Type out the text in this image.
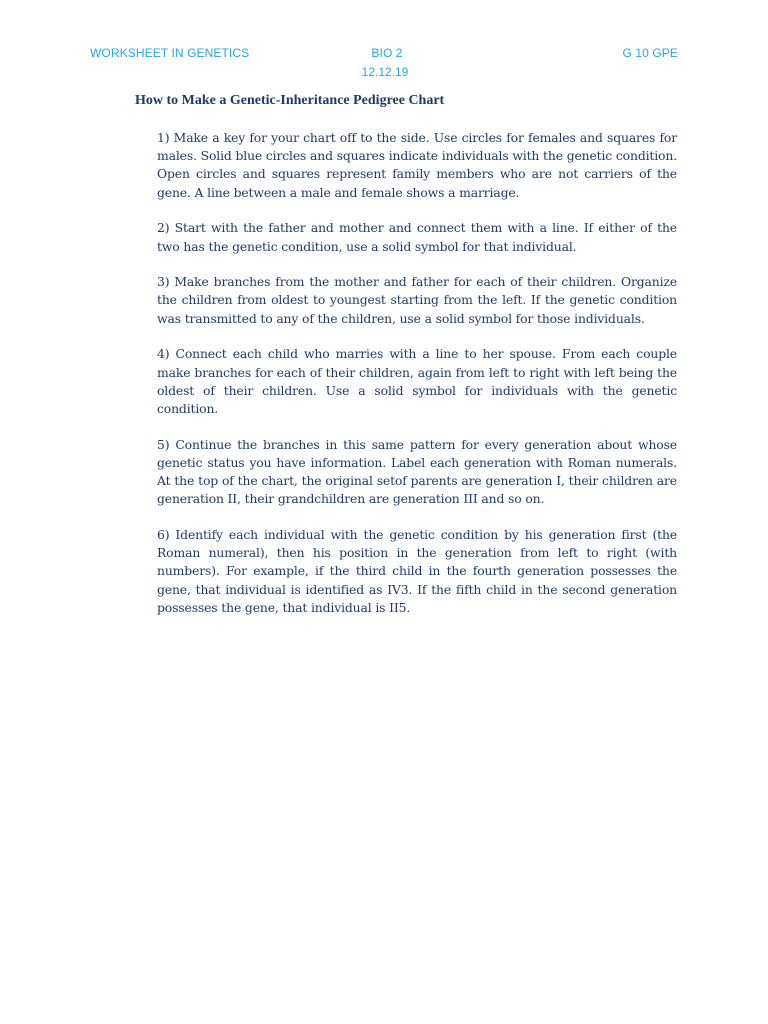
WORKSHEET IN GENETICS	BIO 2	G 10 GPE
12.12.19
How to Make a Genetic-Inheritance Pedigree Chart

1) Make a key for your chart off to the side. Use circles for females and squares for males. Solid blue circles and squares indicate individuals with the genetic condition. Open circles and squares represent family members who are not carriers of the gene. A line between a male and female shows a marriage.

2) Start with the father and mother and connect them with a line. If either of the two has the genetic condition, use a solid symbol for that individual.

3) Make branches from the mother and father for each of their children. Organize the children from oldest to youngest starting from the left. If the genetic condition was transmitted to any of the children, use a solid symbol for those individuals.

4) Connect each child who marries with a line to her spouse. From each couple make branches for each of their children, again from left to right with left being the oldest of their children. Use a solid symbol for individuals with the genetic condition.

5) Continue the branches in this same pattern for every generation about whose genetic status you have information. Label each generation with Roman numerals. At the top of the chart, the original setof parents are generation I, their children are generation II, their grandchildren are generation III and so on.

6) Identify each individual with the genetic condition by his generation first (the Roman numeral), then his position in the generation from left to right (with numbers). For example, if the third child in the fourth generation possesses the gene, that individual is identified as IV3. If the fifth child in the second generation possesses the gene, that individual is II5.
